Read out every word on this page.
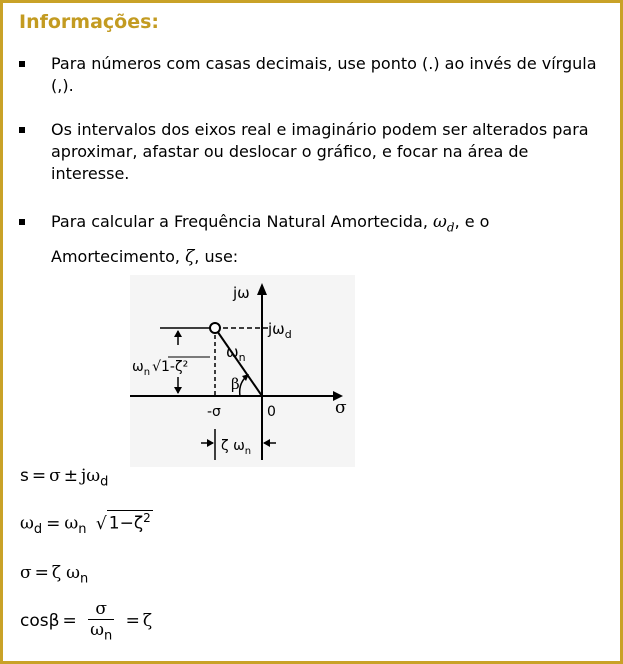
Informações:
Para números com casas decimais, use ponto (.) ao invés de vírgula (,).
Os intervalos dos eixos real e imaginário podem ser alterados para aproximar, afastar ou deslocar o gráfico, e focar na área de interesse.
Para calcular a Frequência Natural Amortecida, $\omega_d$, e o Amortecimento, ζ, use:
jω
$j\omega_d$
$\omega_n$
β
-σ	0	σ
$\omega_n$ √1-ζ²
ζ $\omega_n$
$s = \sigma \pm j\omega_d$
$\omega_d = \omega_n$ √ $1-\zeta^2$
σ = ζ $\omega_n$
$\cos\beta = \frac{\sigma}{\omega_n} = \zeta$
